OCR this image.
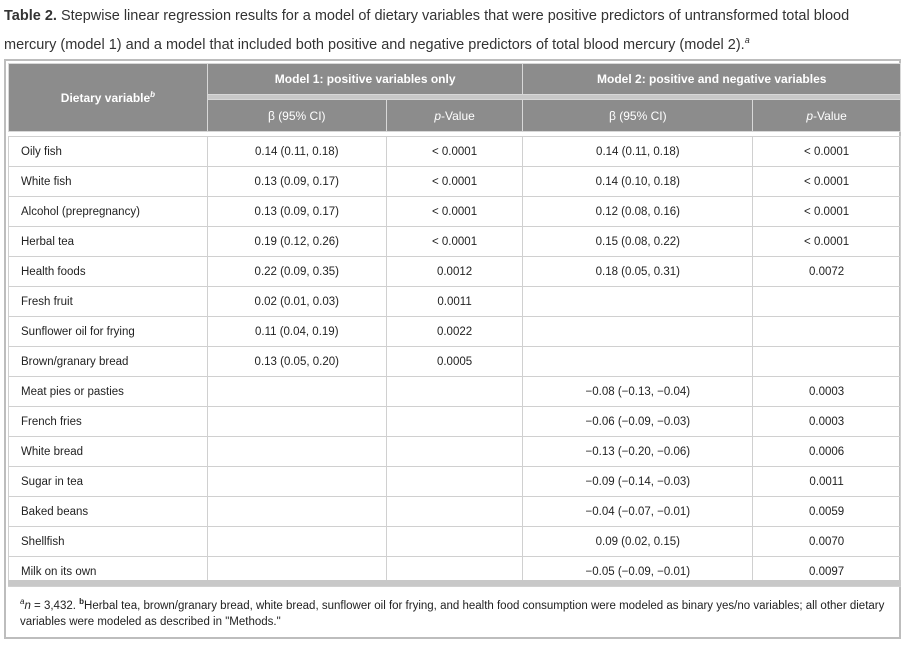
Table 2. Stepwise linear regression results for a model of dietary variables that were positive predictors of untransformed total blood mercury (model 1) and a model that included both positive and negative predictors of total blood mercury (model 2).$^a$
Dietary variable$^b$	Model 1: positive variables only		Model 2: positive and negative variables	

	β (95% CI)	p-Value	β (95% CI)	p-Value

Oily fish	0.14 (0.11, 0.18)	< 0.0001	0.14 (0.11, 0.18)	< 0.0001
White fish	0.13 (0.09, 0.17)	< 0.0001	0.14 (0.10, 0.18)	< 0.0001
Alcohol (prepregnancy)	0.13 (0.09, 0.17)	< 0.0001	0.12 (0.08, 0.16)	< 0.0001
Herbal tea	0.19 (0.12, 0.26)	< 0.0001	0.15 (0.08, 0.22)	< 0.0001
Health foods	0.22 (0.09, 0.35)	0.0012	0.18 (0.05, 0.31)	0.0072
Fresh fruit	0.02 (0.01, 0.03)	0.0011		
Sunflower oil for frying	0.11 (0.04, 0.19)	0.0022		
Brown/granary bread	0.13 (0.05, 0.20)	0.0005		
Meat pies or pasties			−0.08 (−0.13, −0.04)	0.0003
French fries			−0.06 (−0.09, −0.03)	0.0003
White bread			−0.13 (−0.20, −0.06)	0.0006
Sugar in tea			−0.09 (−0.14, −0.03)	0.0011
Baked beans			−0.04 (−0.07, −0.01)	0.0059
Shellfish			0.09 (0.02, 0.15)	0.0070
Milk on its own			−0.05 (−0.09, −0.01)	0.0097
$^a$n = 3,432. $^b$Herbal tea, brown/granary bread, white bread, sunflower oil for frying, and health food consumption were modeled as binary yes/no variables; all other dietary variables were modeled as described in "Methods."
